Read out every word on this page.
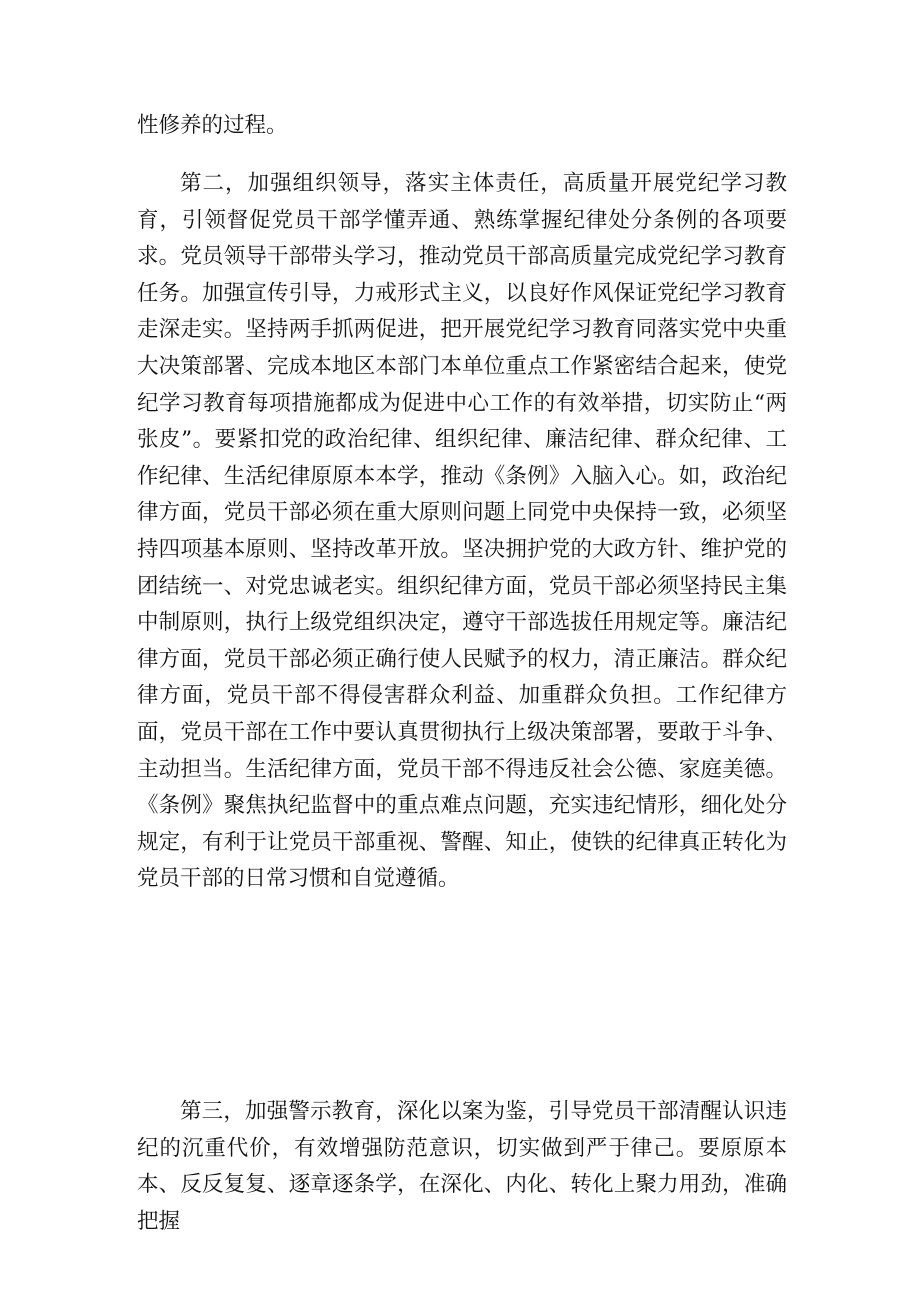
性修养的过程。

第二，加强组织领导，落实主体责任，高质量开展党纪学习教育，引领督促党员干部学懂弄通、熟练掌握纪律处分条例的各项要求。党员领导干部带头学习，推动党员干部高质量完成党纪学习教育任务。加强宣传引导，力戒形式主义，以良好作风保证党纪学习教育走深走实。坚持两手抓两促进，把开展党纪学习教育同落实党中央重大决策部署、完成本地区本部门本单位重点工作紧密结合起来，使党纪学习教育每项措施都成为促进中心工作的有效举措，切实防止“两张皮”。要紧扣党的政治纪律、组织纪律、廉洁纪律、群众纪律、工作纪律、生活纪律原原本本学，推动《条例》入脑入心。如，政治纪律方面，党员干部必须在重大原则问题上同党中央保持一致，必须坚持四项基本原则、坚持改革开放。坚决拥护党的大政方针、维护党的团结统一、对党忠诚老实。组织纪律方面，党员干部必须坚持民主集中制原则，执行上级党组织决定，遵守干部选拔任用规定等。廉洁纪律方面，党员干部必须正确行使人民赋予的权力，清正廉洁。群众纪律方面，党员干部不得侵害群众利益、加重群众负担。工作纪律方面，党员干部在工作中要认真贯彻执行上级决策部署，要敢于斗争、主动担当。生活纪律方面，党员干部不得违反社会公德、家庭美德。《条例》聚焦执纪监督中的重点难点问题，充实违纪情形，细化处分规定，有利于让党员干部重视、警醒、知止，使铁的纪律真正转化为党员干部的日常习惯和自觉遵循。

第三，加强警示教育，深化以案为鉴，引导党员干部清醒认识违纪的沉重代价，有效增强防范意识，切实做到严于律己。要原原本本、反反复复、逐章逐条学，在深化、内化、转化上聚力用劲，准确把握
